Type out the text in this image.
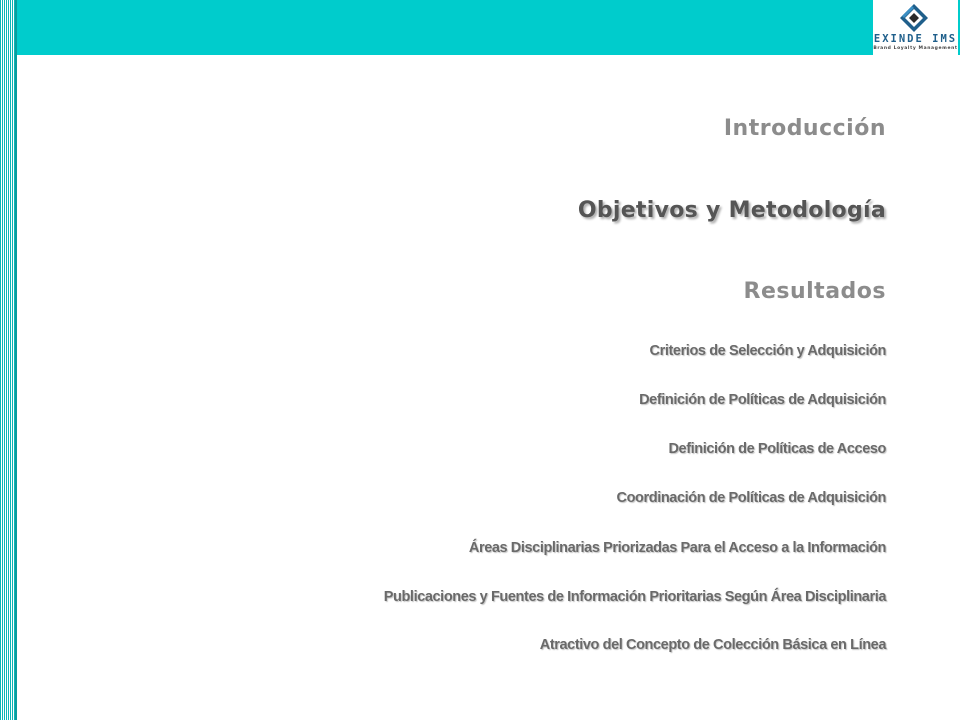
EXINDE IMS
Brand Loyalty Management
Introducción
Objetivos y Metodología
Resultados
Criterios de Selección y Adquisición
Definición de Políticas de Adquisición
Definición de Políticas de Acceso
Coordinación de Políticas de Adquisición
Áreas Disciplinarias Priorizadas Para el Acceso a la Información
Publicaciones y Fuentes de Información Prioritarias Según Área Disciplinaria
Atractivo del Concepto de Colección Básica en Línea
